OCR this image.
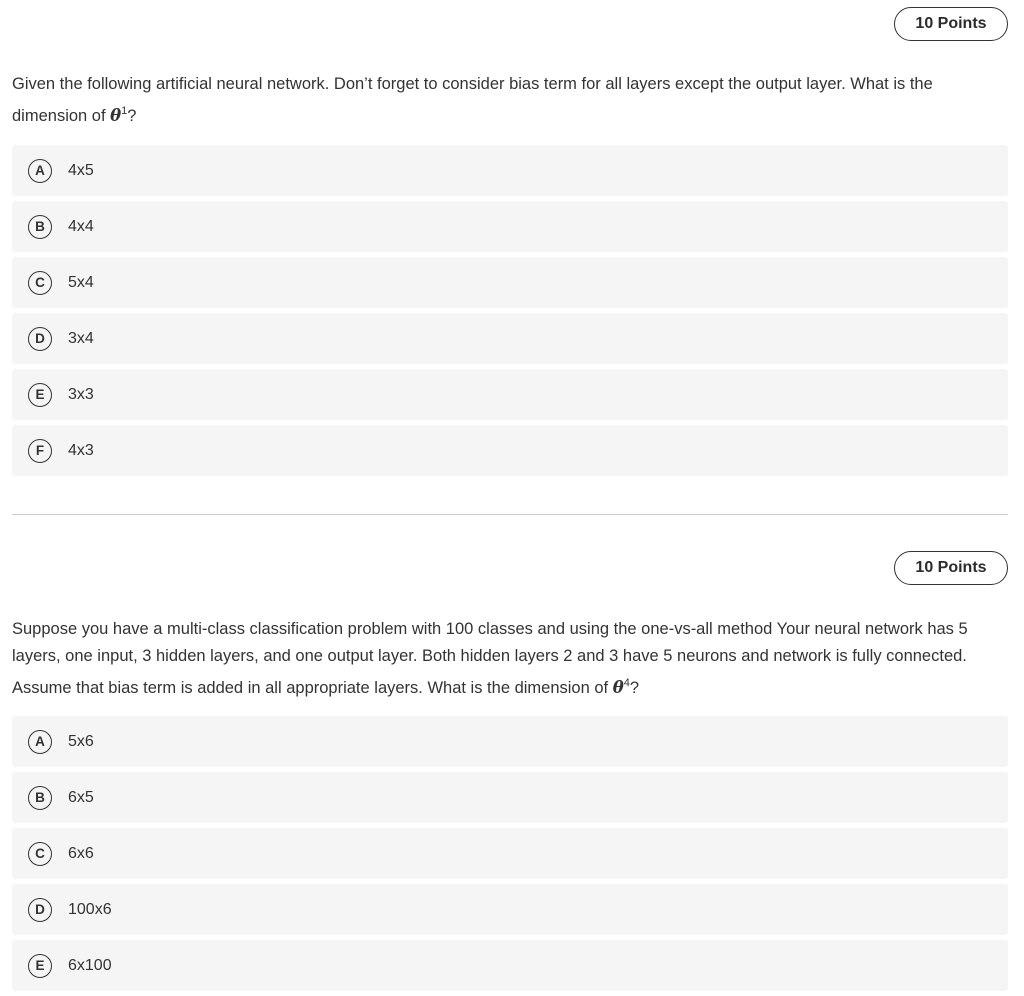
10 Points

Given the following artificial neural network. Don’t forget to consider bias term for all layers except the output layer. What is the dimension of $\theta^1$?

A	4x5
B	4x4
C	5x4
D	3x4
E	3x3
F	4x3
10 Points

Suppose you have a multi-class classification problem with 100 classes and using the one-vs-all method Your neural network has 5 layers, one input, 3 hidden layers, and one output layer. Both hidden layers 2 and 3 have 5 neurons and network is fully connected. Assume that bias term is added in all appropriate layers. What is the dimension of $\theta^4$?

A	5x6
B	6x5
C	6x6
D	100x6
E	6x100
